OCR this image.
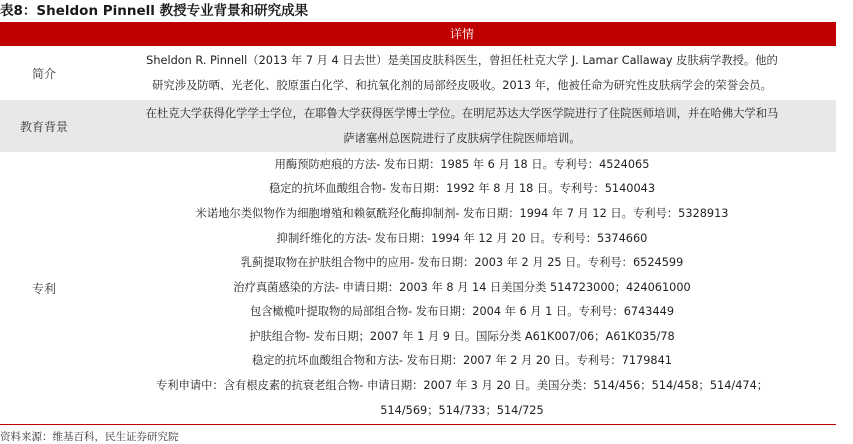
表8：Sheldon Pinnell 教授专业背景和研究成果
详情
简介
Sheldon R. Pinnell（2013 年 7 月 4 日去世）是美国皮肤科医生，曾担任杜克大学 J. Lamar Callaway 皮肤病学教授。他的
研究涉及防晒、光老化、胶原蛋白化学、和抗氧化剂的局部经皮吸收。2013 年，他被任命为研究性皮肤病学会的荣誉会员。
教育背景
在杜克大学获得化学学士学位，在耶鲁大学获得医学博士学位。在明尼苏达大学医学院进行了住院医师培训，并在哈佛大学和马
萨诸塞州总医院进行了皮肤病学住院医师培训。
专利
用酶预防疤痕的方法- 发布日期：1985 年 6 月 18 日。专利号：4524065
稳定的抗坏血酸组合物- 发布日期：1992 年 8 月 18 日。专利号：5140043
米诺地尔类似物作为细胞增殖和赖氨酰羟化酶抑制剂- 发布日期：1994 年 7 月 12 日。专利号：5328913
抑制纤维化的方法- 发布日期：1994 年 12 月 20 日。专利号：5374660
乳蓟提取物在护肤组合物中的应用- 发布日期：2003 年 2 月 25 日。专利号：6524599
治疗真菌感染的方法- 申请日期：2003 年 8 月 14 日美国分类 514723000；424061000
包含橄榄叶提取物的局部组合物- 发布日期：2004 年 6 月 1 日。专利号：6743449
护肤组合物- 发布日期；2007 年 1 月 9 日。国际分类 A61K007/06；A61K035/78
稳定的抗坏血酸组合物和方法- 发布日期：2007 年 2 月 20 日。专利号：7179841
专利申请中：含有根皮素的抗衰老组合物- 申请日期：2007 年 3 月 20 日。美国分类：514/456；514/458；514/474；
514/569；514/733；514/725
资料来源：维基百科，民生证券研究院
